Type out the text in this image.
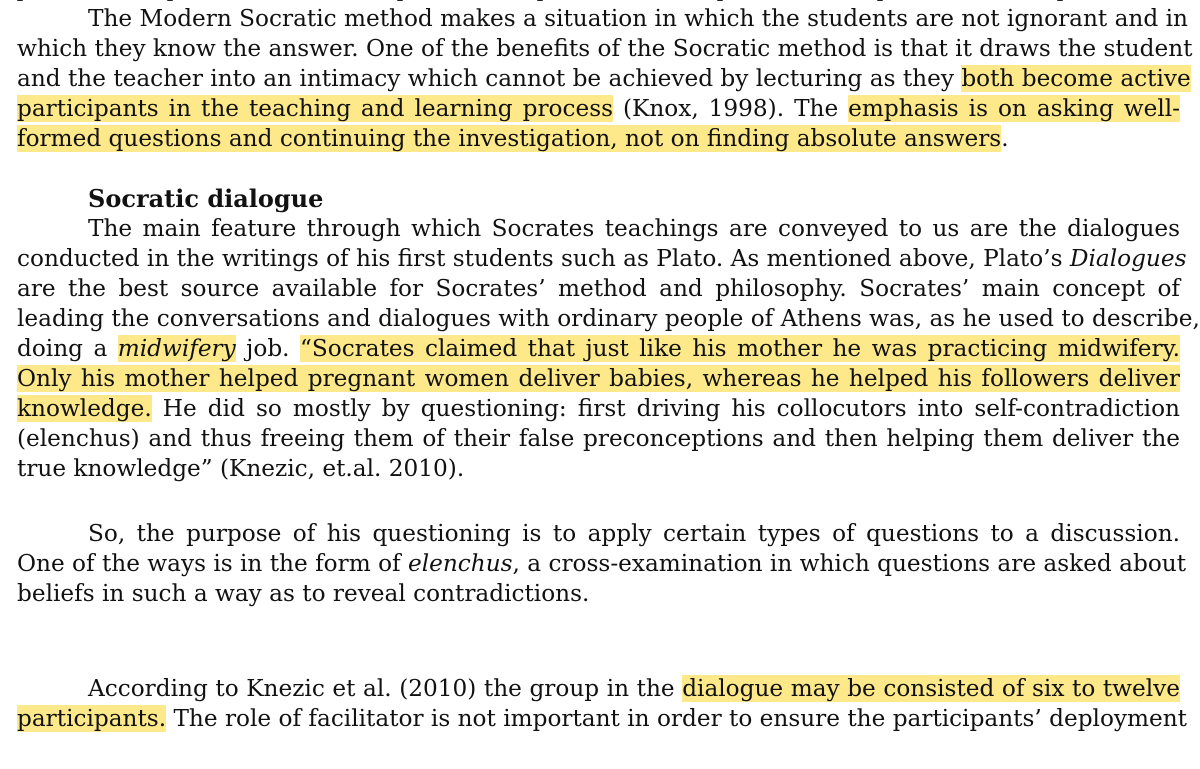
The Modern Socratic method makes a situation in which the students are not ignorant and in
which they know the answer. One of the benefits of the Socratic method is that it draws the student
and the teacher into an intimacy which cannot be achieved by lecturing as they both become active
participants in the teaching and learning process (Knox, 1998). The emphasis is on asking well-
formed questions and continuing the investigation, not on finding absolute answers.
Socratic dialogue
The main feature through which Socrates teachings are conveyed to us are the dialogues
conducted in the writings of his first students such as Plato. As mentioned above, Plato’s Dialogues
are the best source available for Socrates’ method and philosophy. Socrates’ main concept of
leading the conversations and dialogues with ordinary people of Athens was, as he used to describe,
doing a midwifery job. “Socrates claimed that just like his mother he was practicing midwifery.
Only his mother helped pregnant women deliver babies, whereas he helped his followers deliver
knowledge. He did so mostly by questioning: first driving his collocutors into self-contradiction
(elenchus) and thus freeing them of their false preconceptions and then helping them deliver the
true knowledge” (Knezic, et.al. 2010).
So, the purpose of his questioning is to apply certain types of questions to a discussion.
One of the ways is in the form of elenchus, a cross-examination in which questions are asked about
beliefs in such a way as to reveal contradictions.
According to Knezic et al. (2010) the group in the dialogue may be consisted of six to twelve
participants. The role of facilitator is not important in order to ensure the participants’ deployment
